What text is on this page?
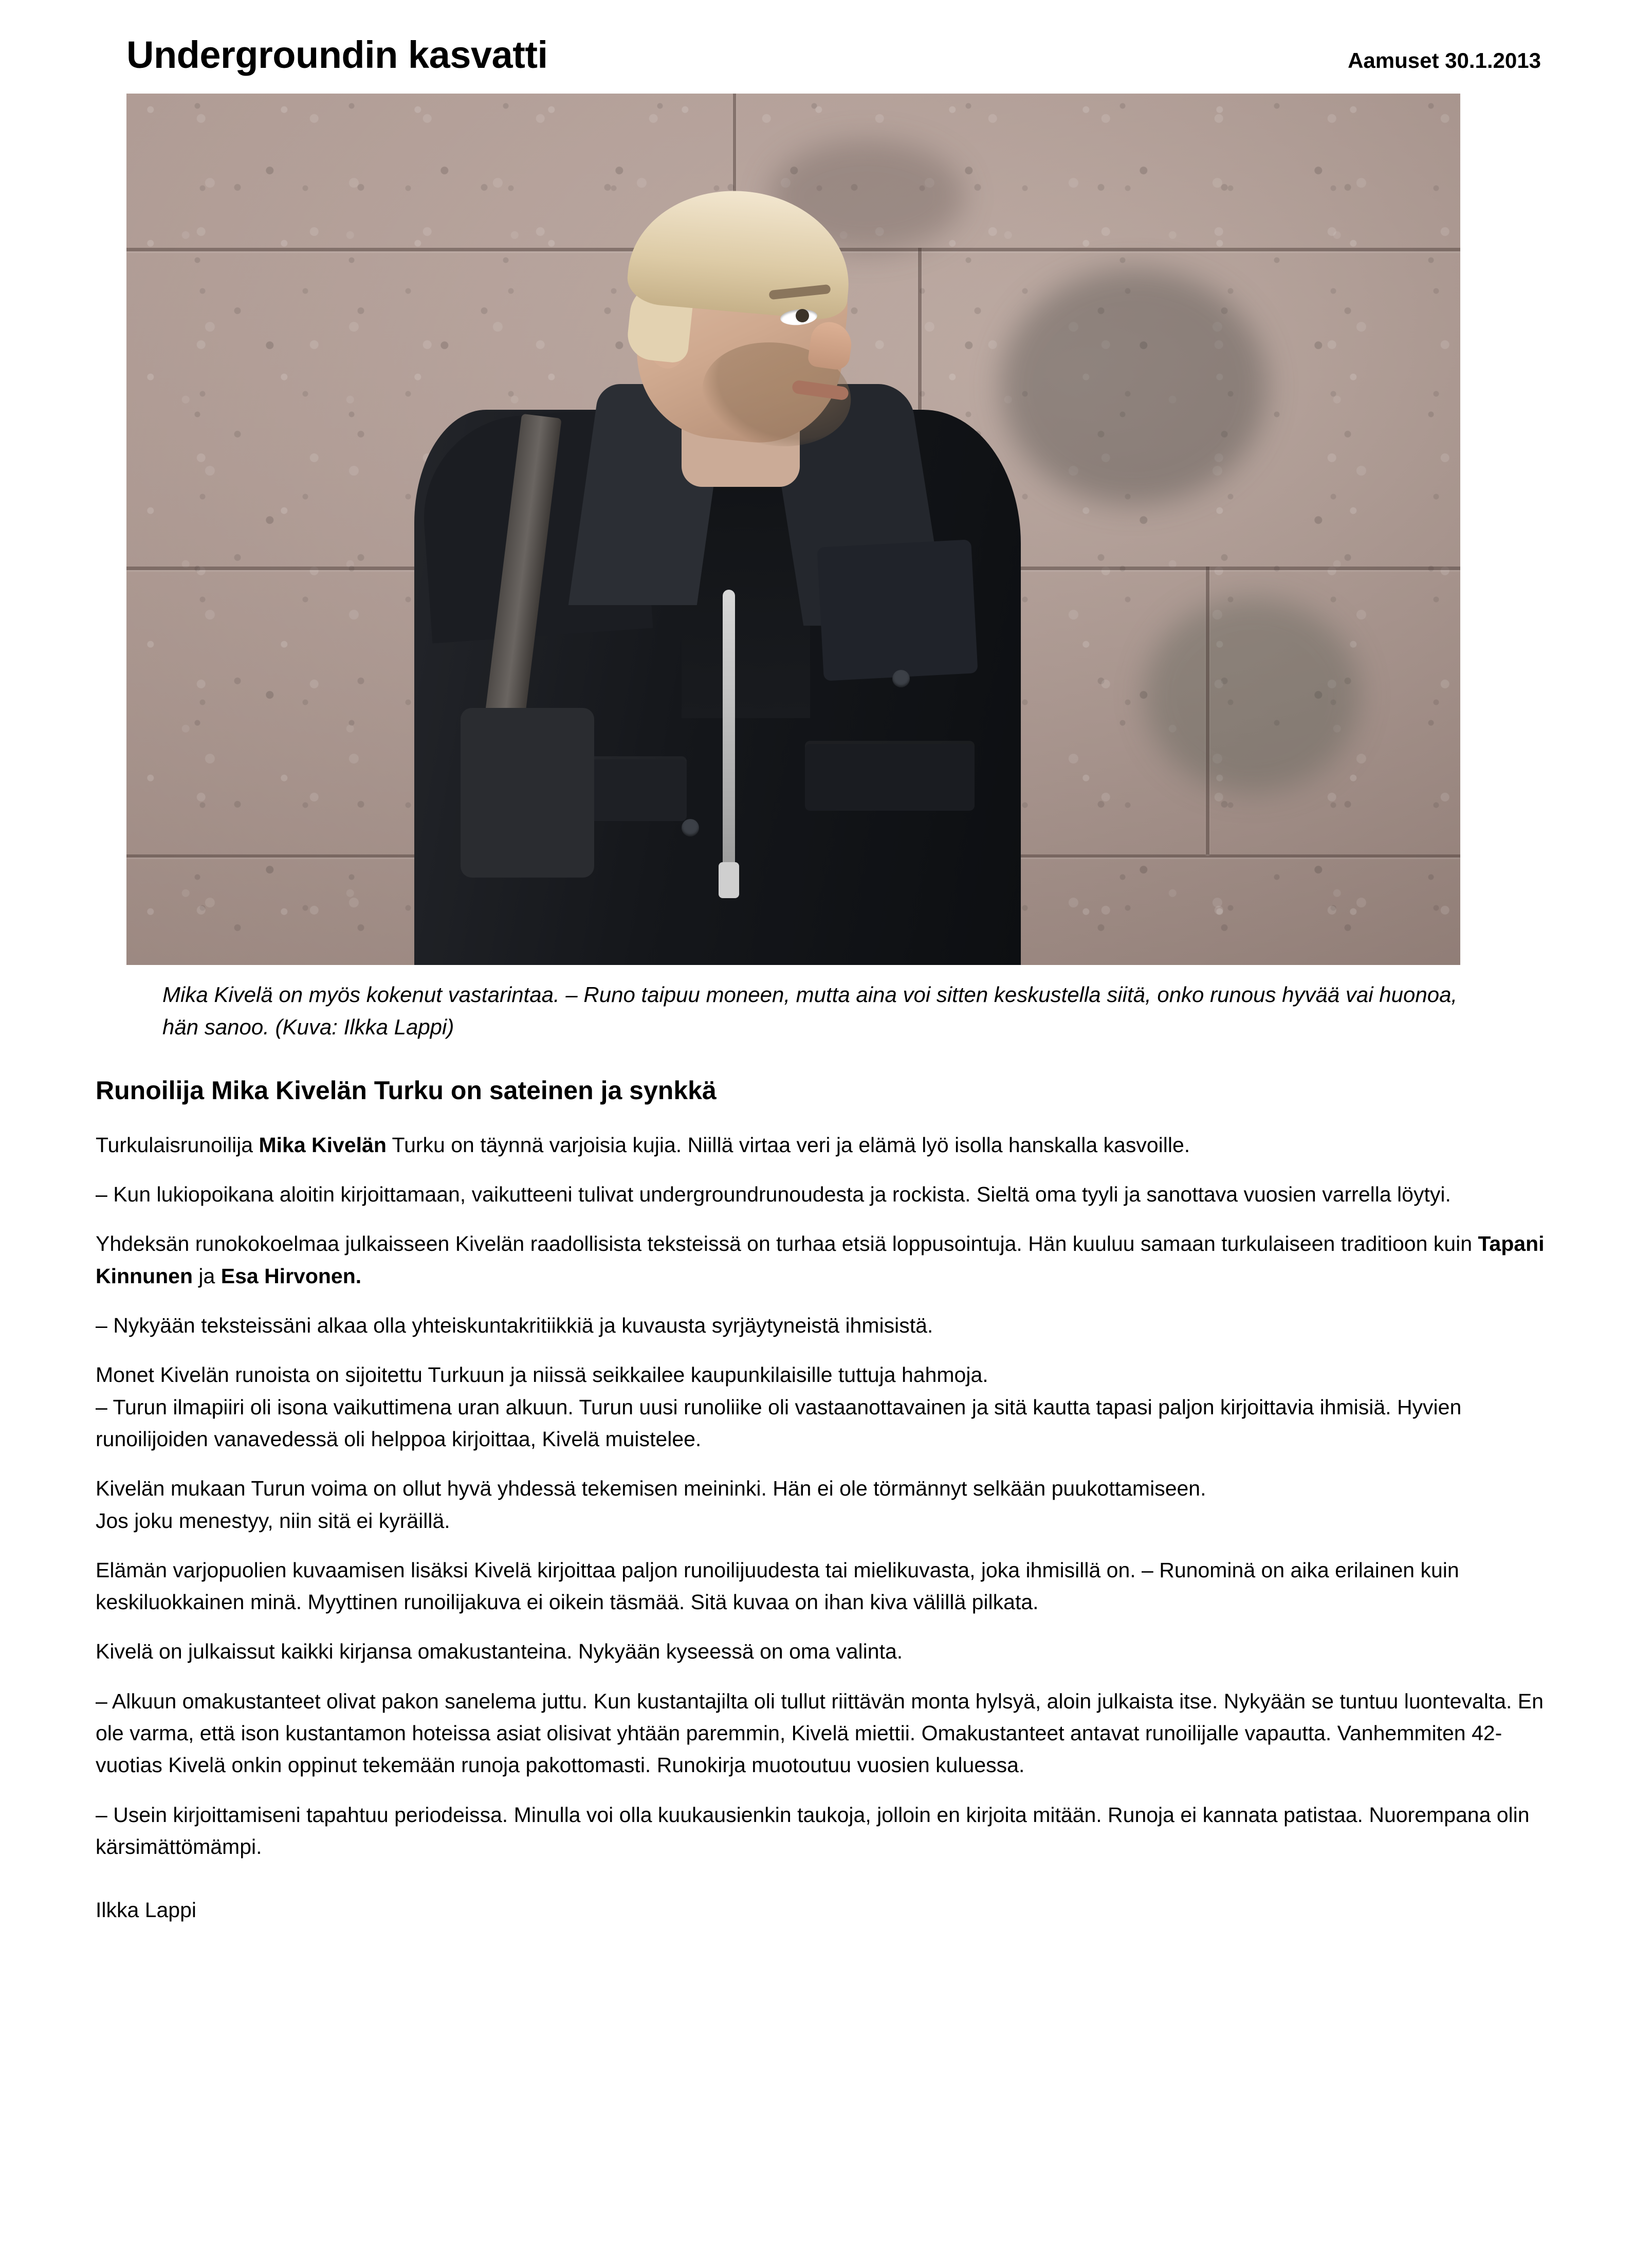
Undergroundin kasvatti	Aamuset 30.1.2013
Mika Kivelä on myös kokenut vastarintaa. – Runo taipuu moneen, mutta aina voi sitten keskustella siitä, onko runous hyvää vai huonoa, hän sanoo. (Kuva: Ilkka Lappi)
Runoilija Mika Kivelän Turku on sateinen ja synkkä

Turkulaisrunoilija Mika Kivelän Turku on täynnä varjoisia kujia. Niillä virtaa veri ja elämä lyö isolla hanskalla kasvoille.

– Kun lukiopoikana aloitin kirjoittamaan, vaikutteeni tulivat undergroundrunoudesta ja rockista. Sieltä oma tyyli ja sanottava vuosien varrella löytyi.

Yhdeksän runokokoelmaa julkaisseen Kivelän raadollisista teksteissä on turhaa etsiä loppusointuja. Hän kuuluu samaan turkulaiseen traditioon kuin Tapani Kinnunen ja Esa Hirvonen.

– Nykyään teksteissäni alkaa olla yhteiskuntakritiikkiä ja kuvausta syrjäytyneistä ihmisistä.

Monet Kivelän runoista on sijoitettu Turkuun ja niissä seikkailee kaupunkilaisille tuttuja hahmoja.
– Turun ilmapiiri oli isona vaikuttimena uran alkuun. Turun uusi runoliike oli vastaanottavainen ja sitä kautta tapasi paljon kirjoittavia ihmisiä. Hyvien runoilijoiden vanavedessä oli helppoa kirjoittaa, Kivelä muistelee.

Kivelän mukaan Turun voima on ollut hyvä yhdessä tekemisen meininki. Hän ei ole törmännyt selkään puukottamiseen.
Jos joku menestyy, niin sitä ei kyräillä.

Elämän varjopuolien kuvaamisen lisäksi Kivelä kirjoittaa paljon runoilijuudesta tai mielikuvasta, joka ihmisillä on. – Runominä on aika erilainen kuin keskiluokkainen minä. Myyttinen runoilijakuva ei oikein täsmää. Sitä kuvaa on ihan kiva välillä pilkata.

Kivelä on julkaissut kaikki kirjansa omakustanteina. Nykyään kyseessä on oma valinta.

– Alkuun omakustanteet olivat pakon sanelema juttu. Kun kustantajilta oli tullut riittävän monta hylsyä, aloin julkaista itse. Nykyään se tuntuu luontevalta. En ole varma, että ison kustantamon hoteissa asiat olisivat yhtään paremmin, Kivelä miettii. Omakustanteet antavat runoilijalle vapautta. Vanhemmiten 42-vuotias Kivelä onkin oppinut tekemään runoja pakottomasti. Runokirja muotoutuu vuosien kuluessa.

– Usein kirjoittamiseni tapahtuu periodeissa. Minulla voi olla kuukausienkin taukoja, jolloin en kirjoita mitään. Runoja ei kannata patistaa. Nuorempana olin kärsimättömämpi.

Ilkka Lappi
